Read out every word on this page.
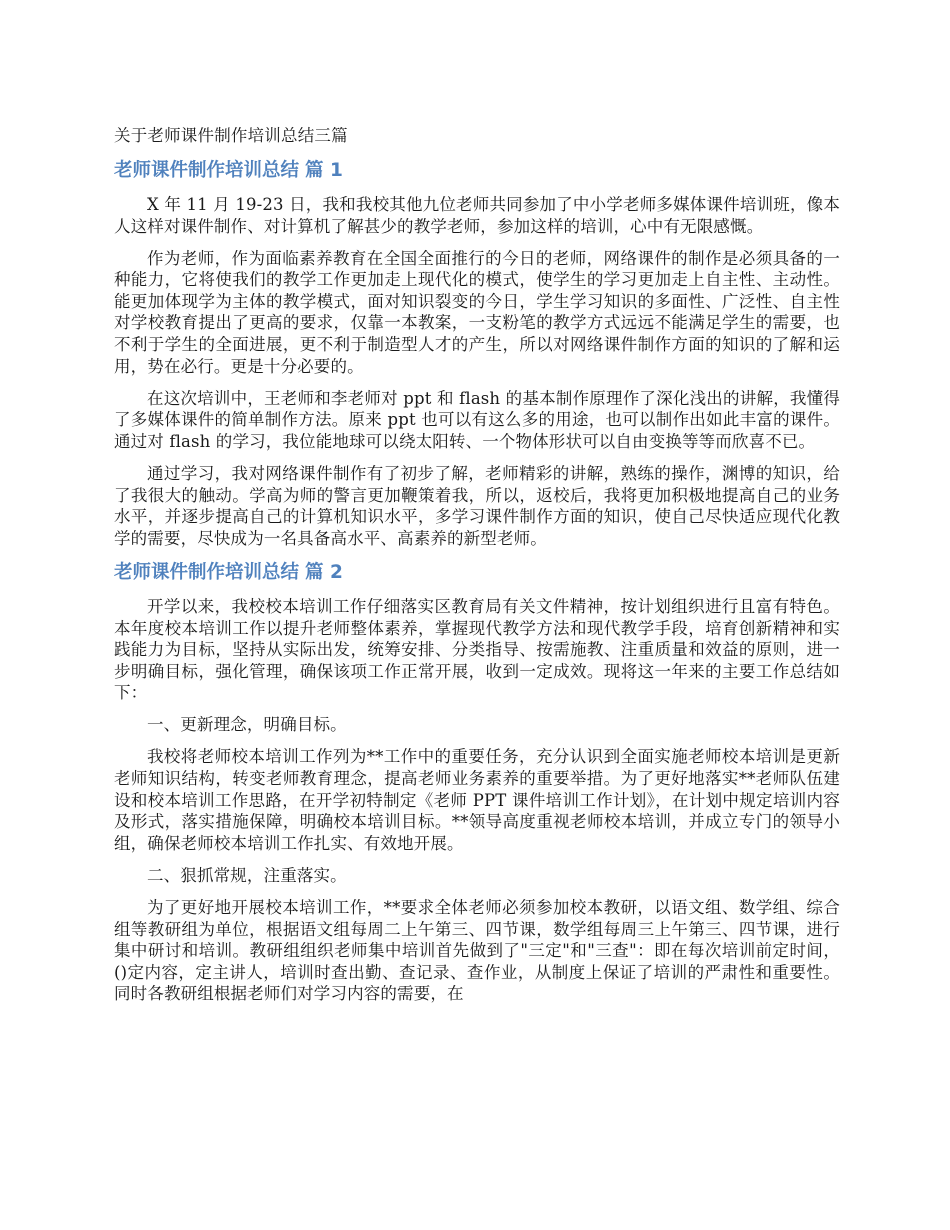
关于老师课件制作培训总结三篇
老师课件制作培训总结 篇 1

X 年 11 月 19-23 日，我和我校其他九位老师共同参加了中小学老师多媒体课件培训班，像本人这样对课件制作、对计算机了解甚少的教学老师，参加这样的培训，心中有无限感慨。

作为老师，作为面临素养教育在全国全面推行的今日的老师，网络课件的制作是必须具备的一种能力，它将使我们的教学工作更加走上现代化的模式，使学生的学习更加走上自主性、主动性。能更加体现学为主体的教学模式，面对知识裂变的今日，学生学习知识的多面性、广泛性、自主性对学校教育提出了更高的要求，仅靠一本教案，一支粉笔的教学方式远远不能满足学生的需要，也不利于学生的全面进展，更不利于制造型人才的产生，所以对网络课件制作方面的知识的了解和运用，势在必行。更是十分必要的。

在这次培训中，王老师和李老师对 ppt 和 flash 的基本制作原理作了深化浅出的讲解，我懂得了多媒体课件的简单制作方法。原来 ppt 也可以有这么多的用途，也可以制作出如此丰富的课件。通过对 flash 的学习，我位能地球可以绕太阳转、一个物体形状可以自由变换等等而欣喜不已。

通过学习，我对网络课件制作有了初步了解，老师精彩的讲解，熟练的操作，渊博的知识，给了我很大的触动。学高为师的警言更加鞭策着我，所以，返校后，我将更加积极地提高自己的业务水平，并逐步提高自己的计算机知识水平，多学习课件制作方面的知识，使自己尽快适应现代化教学的需要，尽快成为一名具备高水平、高素养的新型老师。

老师课件制作培训总结 篇 2

开学以来，我校校本培训工作仔细落实区教育局有关文件精神，按计划组织进行且富有特色。本年度校本培训工作以提升老师整体素养，掌握现代教学方法和现代教学手段，培育创新精神和实践能力为目标，坚持从实际出发，统筹安排、分类指导、按需施教、注重质量和效益的原则，进一步明确目标，强化管理，确保该项工作正常开展，收到一定成效。现将这一年来的主要工作总结如下：

一、更新理念，明确目标。

我校将老师校本培训工作列为**工作中的重要任务，充分认识到全面实施老师校本培训是更新老师知识结构，转变老师教育理念，提高老师业务素养的重要举措。为了更好地落实**老师队伍建设和校本培训工作思路，在开学初特制定《老师 PPT 课件培训工作计划》，在计划中规定培训内容及形式，落实措施保障，明确校本培训目标。**领导高度重视老师校本培训，并成立专门的领导小组，确保老师校本培训工作扎实、有效地开展。

二、狠抓常规，注重落实。

为了更好地开展校本培训工作，**要求全体老师必须参加校本教研，以语文组、数学组、综合组等教研组为单位，根据语文组每周二上午第三、四节课，数学组每周三上午第三、四节课，进行集中研讨和培训。教研组组织老师集中培训首先做到了"三定"和"三查"：即在每次培训前定时间，()定内容，定主讲人，培训时查出勤、查记录、查作业，从制度上保证了培训的严肃性和重要性。同时各教研组根据老师们对学习内容的需要，在
